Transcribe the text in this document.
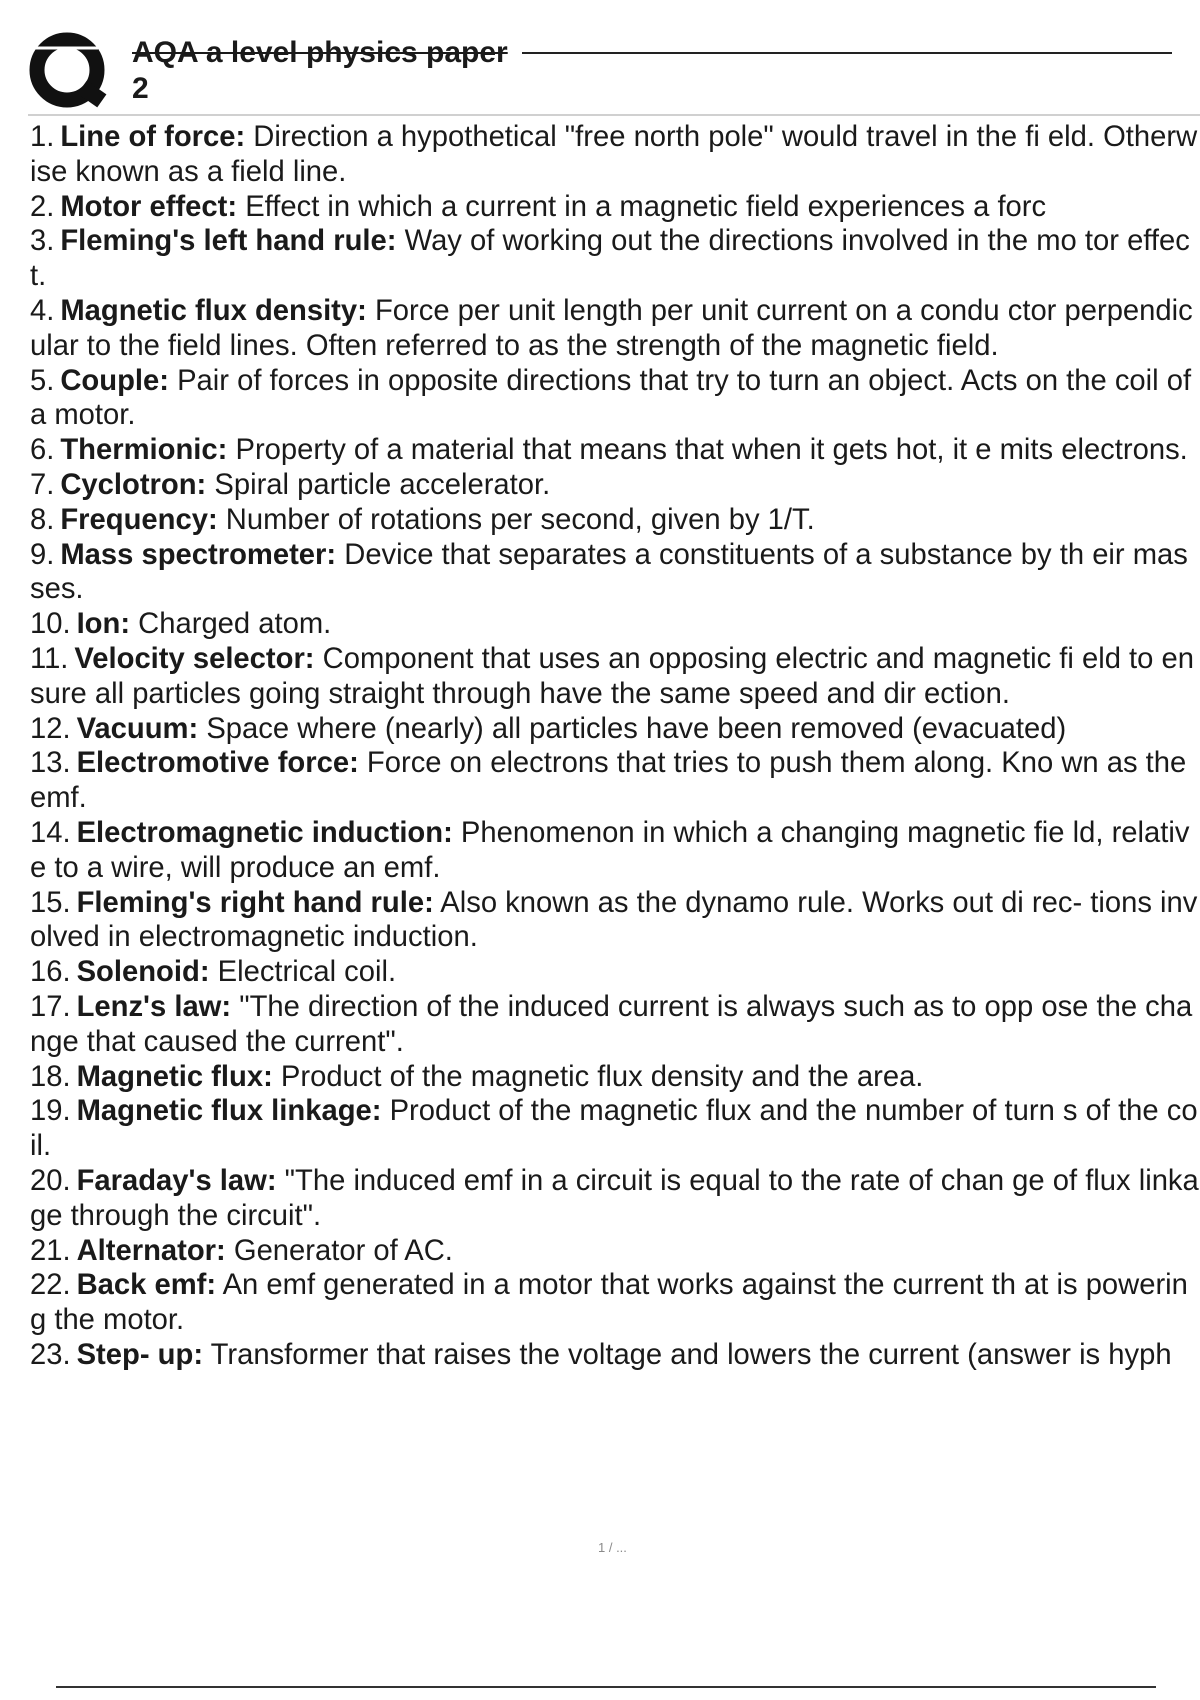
AQA a level physics paper
2
1. Line of force: Direction a hypothetical "free north pole" would travel in the fi eld. Otherwise known as a field line.
2. Motor effect: Effect in which a current in a magnetic field experiences a forc
3. Fleming's left hand rule: Way of working out the directions involved in the mo tor effect.
4. Magnetic flux density: Force per unit length per unit current on a condu ctor perpendicular to the field lines. Often referred to as the strength of the magnetic field.
5. Couple: Pair of forces in opposite directions that try to turn an object. Acts on the coil of a motor.
6. Thermionic: Property of a material that means that when it gets hot, it e mits electrons.
7. Cyclotron: Spiral particle accelerator.
8. Frequency: Number of rotations per second, given by 1/T.
9. Mass spectrometer: Device that separates a constituents of a substance by th eir masses.
10. Ion: Charged atom.
11. Velocity selector: Component that uses an opposing electric and magnetic fi eld to ensure all particles going straight through have the same speed and dir ection.
12. Vacuum: Space where (nearly) all particles have been removed (evacuated)
13. Electromotive force: Force on electrons that tries to push them along. Kno wn as the emf.
14. Electromagnetic induction: Phenomenon in which a changing magnetic fie ld, relative to a wire, will produce an emf.
15. Fleming's right hand rule: Also known as the dynamo rule. Works out di rec- tions involved in electromagnetic induction.
16. Solenoid: Electrical coil.
17. Lenz's law: "The direction of the induced current is always such as to opp ose the change that caused the current".
18. Magnetic flux: Product of the magnetic flux density and the area.
19. Magnetic flux linkage: Product of the magnetic flux and the number of turn s of the coil.
20. Faraday's law: "The induced emf in a circuit is equal to the rate of chan ge of flux linkage through the circuit".
21. Alternator: Generator of AC.
22. Back emf: An emf generated in a motor that works against the current th at is powering the motor.
23. Step- up: Transformer that raises the voltage and lowers the current (answer is hyph
1 / ...
